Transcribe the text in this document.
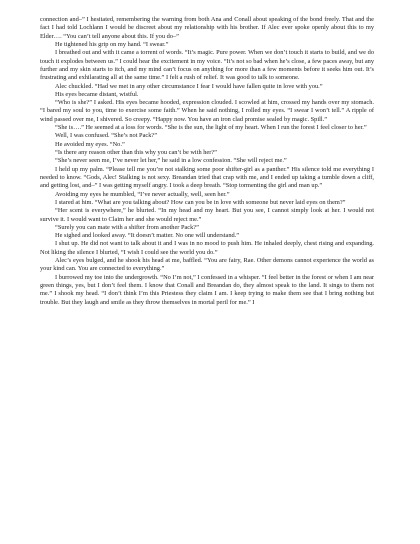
connection and–” I hesitated, remembering the warning from both Ana and Conall about speaking of the bond freely. That and the fact I had told Lochlann I would be discreet about my relationship with his brother. If Alec ever spoke openly about this to my Elder…. “You can’t tell anyone about this. If you do–”

He tightened his grip on my hand. “I swear.”

I breathed out and with it came a torrent of words. “It’s magic. Pure power. When we don’t touch it starts to build, and we do touch it explodes between us.” I could hear the excitement in my voice. “It’s not so bad when he’s close, a few paces away, but any further and my skin starts to itch, and my mind can’t focus on anything for more than a few moments before it seeks him out. It’s frustrating and exhilarating all at the same time.” I felt a rush of relief. It was good to talk to someone.

Alec chuckled. “Had we met in any other circumstance I fear I would have fallen quite in love with you.”

His eyes became distant, wistful.

“Who is she?” I asked. His eyes became hooded, expression clouded. I scowled at him, crossed my hands over my stomach. “I bared my soul to you, time to exercise some faith.” When he said nothing, I rolled my eyes. “I swear I won’t tell.” A ripple of wind passed over me, I shivered. So creepy. “Happy now. You have an iron clad promise sealed by magic. Spill.”

“She is….” He seemed at a loss for words. “She is the sun, the light of my heart. When I run the forest I feel closer to her.”

Well, I was confused. “She’s not Pack?”

He avoided my eyes. “No.”

“Is there any reason other than this why you can’t be with her?”

“She’s never seen me, I’ve never let her,” he said in a low confession. “She will reject me.”

I held up my palm. “Please tell me you’re not stalking some poor shifter-girl as a panther.” His silence told me everything I needed to know. “Gods, Alec! Stalking is not sexy. Breandan tried that crap with me, and I ended up taking a tumble down a cliff, and getting lost, and–” I was getting myself angry. I took a deep breath. “Stop tormenting the girl and man up.”

Avoiding my eyes he mumbled, “I’ve never actually, well, seen her.”

I stared at him. “What are you talking about? How can you be in love with someone but never laid eyes on them?”

“Her scent is everywhere,” he blurted. “In my head and my heart. But you see, I cannot simply look at her. I would not survive it. I would want to Claim her and she would reject me.”

“Surely you can mate with a shifter from another Pack?”

He sighed and looked away. “It doesn’t matter. No one will understand.”

I shut up. He did not want to talk about it and I was in no mood to push him. He inhaled deeply, chest rising and expanding. Not liking the silence I blurted, “I wish I could see the world you do.”

Alec’s eyes bulged, and he shook his head at me, baffled. “You are fairy, Rae. Other demons cannot experience the world as your kind can. You are connected to everything.”

I burrowed my toe into the undergrowth. “No I’m not,” I confessed in a whisper. “I feel better in the forest or when I am near green things, yes, but I don’t feel them. I know that Conall and Breandan do, they almost speak to the land. It sings to them not me.” I shook my head. “I don’t think I’m this Priestess they claim I am. I keep trying to make them see that I bring nothing but trouble. But they laugh and smile as they throw themselves in mortal peril for me.” I
